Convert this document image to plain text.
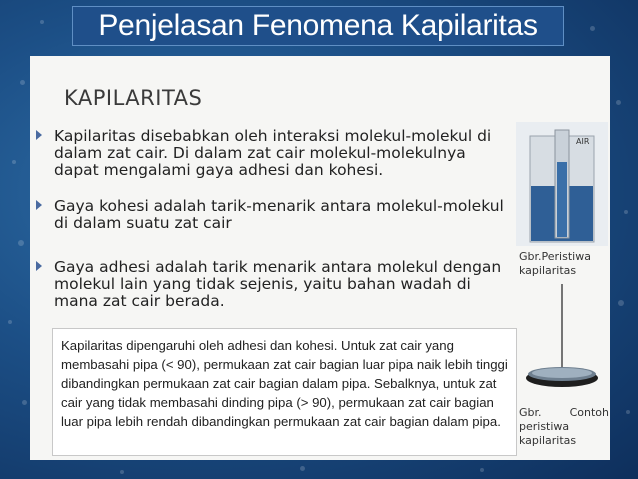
Penjelasan Fenomena Kapilaritas
KAPILARITAS
Kapilaritas disebabkan oleh interaksi molekul-molekul di dalam zat cair. Di dalam zat cair molekul-molekulnya dapat mengalami gaya adhesi dan kohesi.
Gaya kohesi adalah tarik-menarik antara molekul-molekul di dalam suatu zat cair
Gaya adhesi adalah tarik menarik antara molekul dengan molekul lain yang tidak sejenis, yaitu bahan wadah di mana zat cair berada.
AIR
Gbr.Peristiwa kapilaritas
Gbr.	Contoh
peristiwa kapilaritas
Kapilaritas dipengaruhi oleh adhesi dan kohesi. Untuk zat cair yang membasahi pipa (< 90), permukaan zat cair bagian luar pipa naik lebih tinggi dibandingkan permukaan zat cair bagian dalam pipa. Sebalknya, untuk zat cair yang tidak membasahi dinding pipa (> 90), permukaan zat cair bagian luar pipa lebih rendah dibandingkan permukaan zat cair bagian dalam pipa.
